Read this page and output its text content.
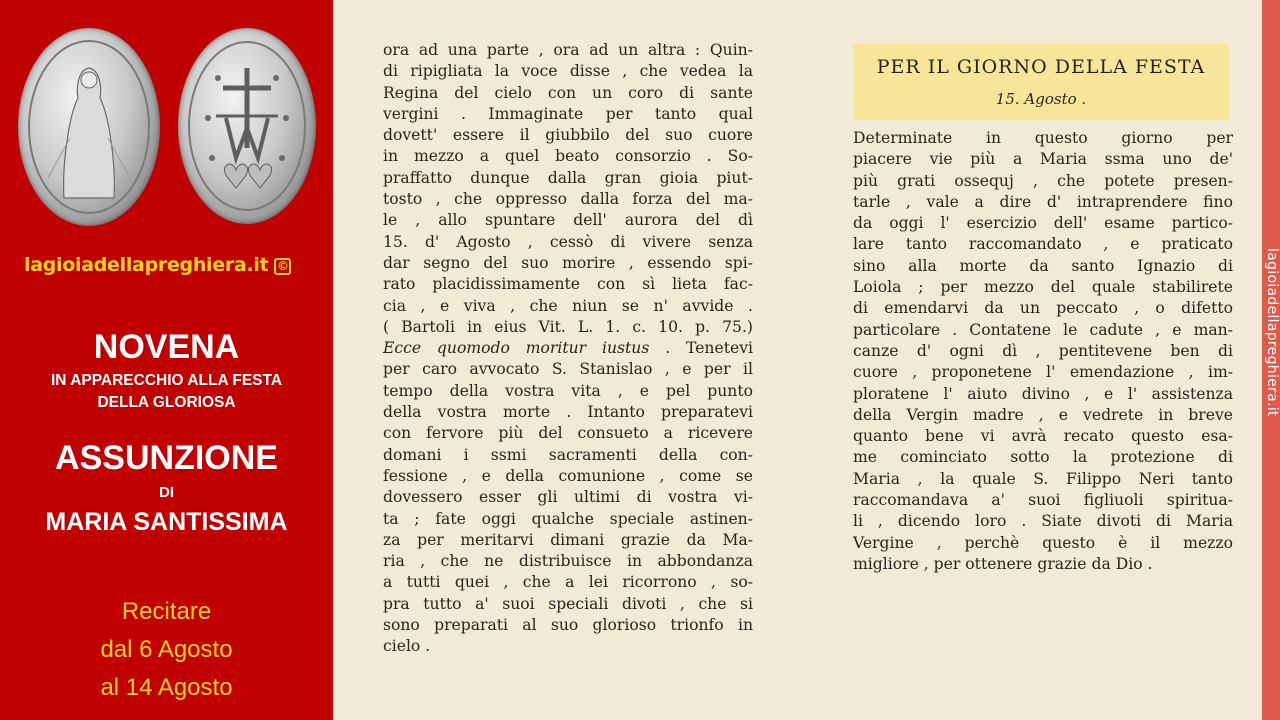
lagioiadellapreghiera.it ©
NOVENA
IN APPARECCHIO ALLA FESTA
DELLA GLORIOSA
ASSUNZIONE
DI
MARIA SANTISSIMA
Recitare
dal 6 Agosto
al 14 Agosto
ora ad una parte , ora ad un altra : Quin-
di ripigliata la voce disse , che vedea la
Regina del cielo con un coro di sante
vergini . Immaginate per tanto qual
dovett' essere il giubbilo del suo cuore
in mezzo a quel beato consorzio . So-
praffatto dunque dalla gran gioia piut-
tosto , che oppresso dalla forza del ma-
le , allo spuntare dell' aurora del dì
15. d' Agosto , cessò di vivere senza
dar segno del suo morire , essendo spi-
rato placidissimamente con sì lieta fac-
cia , e viva , che niun se n' avvide .
( Bartoli in eius Vit. L. 1. c. 10. p. 75.)
Ecce quomodo moritur iustus . Tenetevi
per caro avvocato S. Stanislao , e per il
tempo della vostra vita , e pel punto
della vostra morte . Intanto preparatevi
con fervore più del consueto a ricevere
domani i ssmi sacramenti della con-
fessione , e della comunione , come se
dovessero esser gli ultimi di vostra vi-
ta ; fate oggi qualche speciale astinen-
za per meritarvi dimani grazie da Ma-
ria , che ne distribuisce in abbondanza
a tutti quei , che a lei ricorrono , so-
pra tutto a' suoi speciali divoti , che si
sono preparati al suo glorioso trionfo in
cielo .
PER IL GIORNO DELLA FESTA
15. Agosto .
Determinate in questo giorno per
piacere vie più a Maria ssma uno de'
più grati ossequj , che potete presen-
tarle , vale a dire d' intraprendere fino
da oggi l' esercizio dell' esame partico-
lare tanto raccomandato , e praticato
sino alla morte da santo Ignazio di
Loiola ; per mezzo del quale stabilirete
di emendarvi da un peccato , o difetto
particolare . Contatene le cadute , e man-
canze d' ogni dì , pentitevene ben di
cuore , proponetene l' emendazione , im-
ploratene l' aiuto divino , e l' assistenza
della Vergin madre , e vedrete in breve
quanto bene vi avrà recato questo esa-
me cominciato sotto la protezione di
Maria , la quale S. Filippo Neri tanto
raccomandava a' suoi figliuoli spiritua-
li , dicendo loro . Siate divoti di Maria
Vergine , perchè questo è il mezzo
migliore , per ottenere grazie da Dio .
lagioiadellapreghiera.it
